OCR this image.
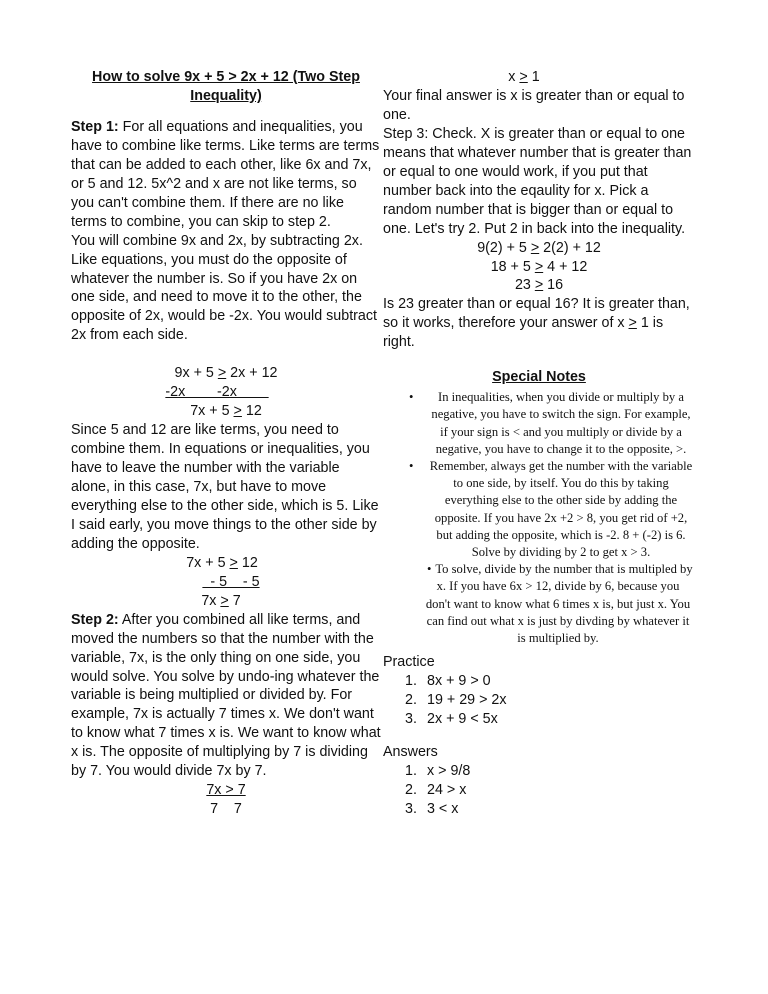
How to solve 9x + 5 > 2x + 12 (Two Step Inequality)

Step 1: For all equations and inequalities, you have to combine like terms. Like terms are terms that can be added to each other, like 6x and 7x, or 5 and 12. 5x^2 and x are not like terms, so you can't combine them. If there are no like terms to combine, you can skip to step 2.

You will combine 9x and 2x, by subtracting 2x. Like equations, you must do the opposite of whatever the number is. So if you have 2x on one side, and need to move it to the other, the opposite of 2x, would be -2x. You would subtract 2x from each side.

9x + 5 > 2x + 12
-2x        -2x
7x + 5 > 12

Since 5 and 12 are like terms, you need to combine them. In equations or inequalities, you have to leave the number with the variable alone, in this case, 7x, but have to move everything else to the other side, which is 5. Like I said early, you move things to the other side by adding the opposite.

7x + 5 > 12
- 5    - 5
7x > 7

Step 2: After you combined all like terms, and moved the numbers so that the number with the variable, 7x, is the only thing on one side, you would solve. You solve by undo-ing whatever the variable is being multiplied or divided by. For example, 7x is actually 7 times x. We don't want to know what 7 times x is. We want to know what x is. The opposite of multiplying by 7 is dividing by 7. You would divide 7x by 7.

7x > 7
7    7
x > 1

Your final answer is x is greater than or equal to one.

Step 3: Check. X is greater than or equal to one means that whatever number that is greater than or equal to one would work, if you put that number back into the eqaulity for x. Pick a random number that is bigger than or equal to one. Let's try 2. Put 2 in back into the inequality.

9(2) + 5 > 2(2) + 12
18 + 5 > 4 + 12
23 > 16

Is 23 greater than or equal 16? It is greater than, so it works, therefore your answer of x > 1 is right.

Special Notes

• In inequalities, when you divide or multiply by a negative, you have to switch the sign. For example, if your sign is < and you multiply or divide by a negative, you have to change it to the opposite, >.
• Remember, always get the number with the variable to one side, by itself. You do this by taking everything else to the other side by adding the opposite. If you have 2x +2 > 8, you get rid of +2, but adding the opposite, which is -2. 8 + (-2) is 6. Solve by dividing by 2 to get x > 3.
• To solve, divide by the number that is multipled by x. If you have 6x > 12, divide by 6, because you don't want to know what 6 times x is, but just x. You can find out what x is just by divding by whatever it is multiplied by.

Practice

1. 8x + 9 > 0
2. 19 + 29 > 2x
3. 2x + 9 < 5x

Answers

1. x > 9/8
2. 24 > x
3. 3 < x
